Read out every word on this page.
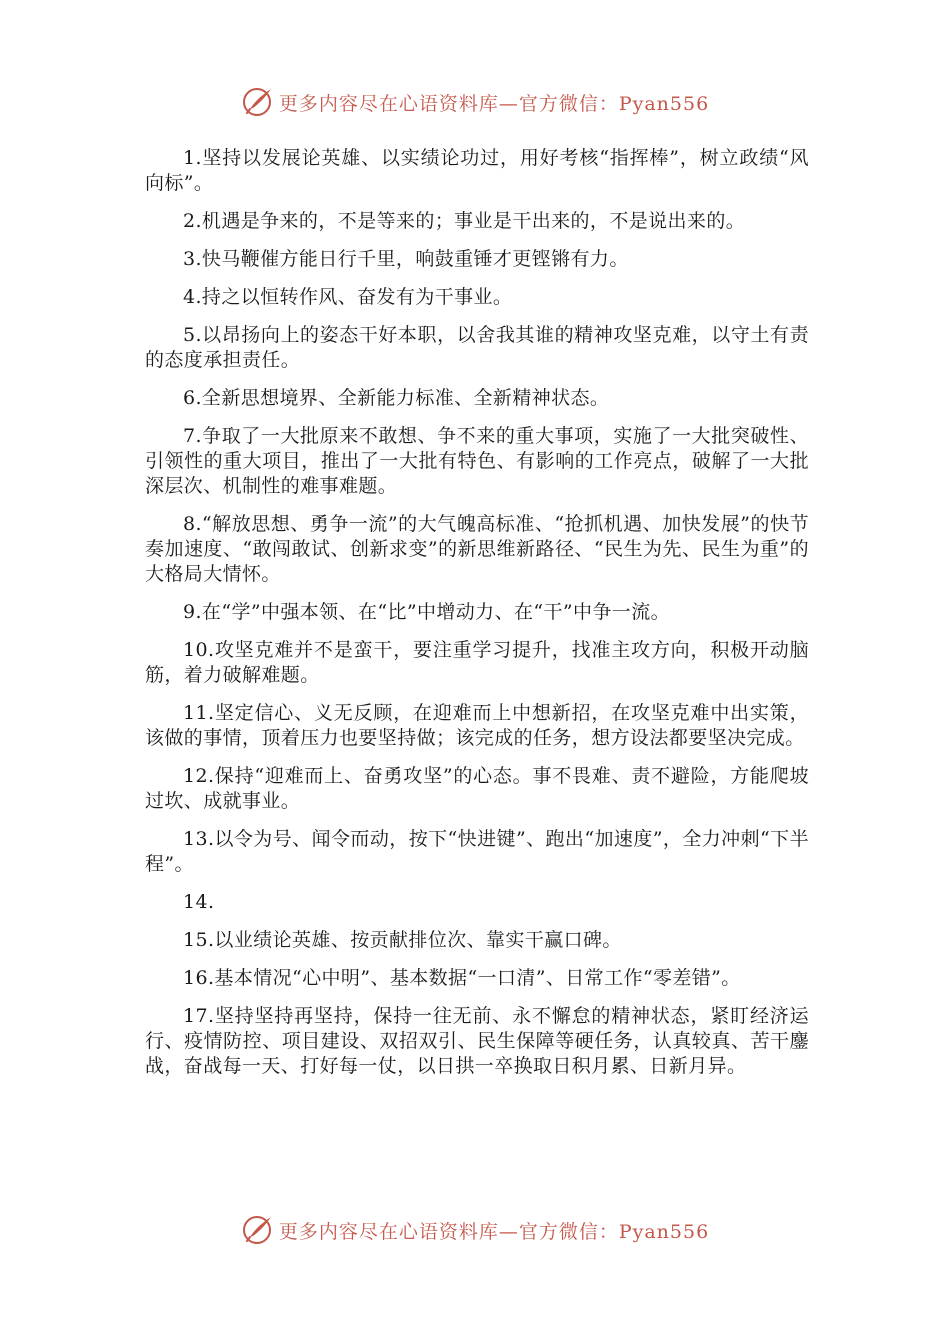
更多内容尽在心语资料库—官方微信：Pyan556

1.坚持以发展论英雄、以实绩论功过，用好考核“指挥棒”，树立政绩“风向标”。

2.机遇是争来的，不是等来的；事业是干出来的，不是说出来的。

3.快马鞭催方能日行千里，响鼓重锤才更铿锵有力。

4.持之以恒转作风、奋发有为干事业。

5.以昂扬向上的姿态干好本职，以舍我其谁的精神攻坚克难，以守土有责的态度承担责任。

6.全新思想境界、全新能力标准、全新精神状态。

7.争取了一大批原来不敢想、争不来的重大事项，实施了一大批突破性、引领性的重大项目，推出了一大批有特色、有影响的工作亮点，破解了一大批深层次、机制性的难事难题。

8.“解放思想、勇争一流”的大气魄高标准、“抢抓机遇、加快发展”的快节奏加速度、“敢闯敢试、创新求变”的新思维新路径、“民生为先、民生为重”的大格局大情怀。

9.在“学”中强本领、在“比”中增动力、在“干”中争一流。

10.攻坚克难并不是蛮干，要注重学习提升，找准主攻方向，积极开动脑筋，着力破解难题。

11.坚定信心、义无反顾，在迎难而上中想新招，在攻坚克难中出实策，该做的事情，顶着压力也要坚持做；该完成的任务，想方设法都要坚决完成。

12.保持“迎难而上、奋勇攻坚”的心态。事不畏难、责不避险，方能爬坡过坎、成就事业。

13.以令为号、闻令而动，按下“快进键”、跑出“加速度”，全力冲刺“下半程”。

14.

15.以业绩论英雄、按贡献排位次、靠实干赢口碑。

16.基本情况“心中明”、基本数据“一口清”、日常工作“零差错”。

17.坚持坚持再坚持，保持一往无前、永不懈怠的精神状态，紧盯经济运行、疫情防控、项目建设、双招双引、民生保障等硬任务，认真较真、苦干鏖战，奋战每一天、打好每一仗，以日拱一卒换取日积月累、日新月异。

更多内容尽在心语资料库—官方微信：Pyan556
